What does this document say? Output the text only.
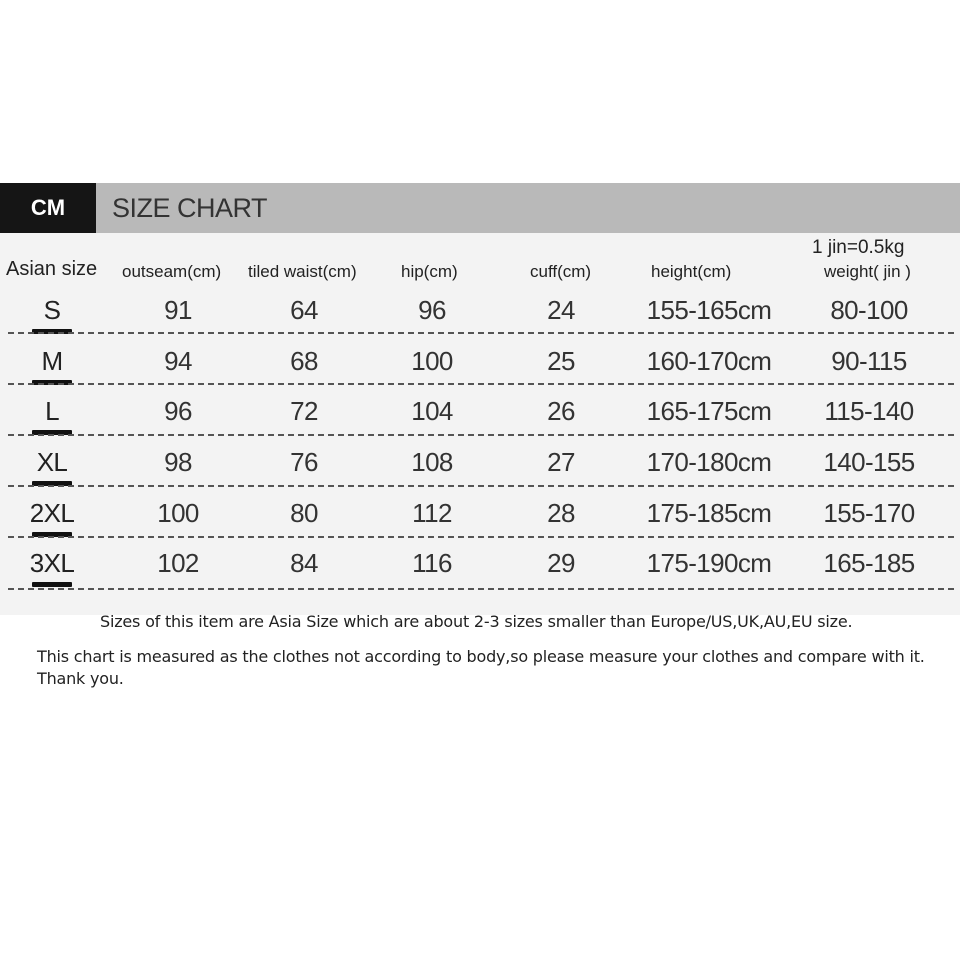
CM	SIZE CHART
Asian size outseam(cm) tiled waist(cm)	hip(cm)	cuff(cm)	height(cm)	weight( jin )
1 jin=0.5kg
S	91	64	96	24	155-165cm 80-100
M	94	68	100	25	160-170cm 90-115
L	96	72	104	26	165-175cm 115-140
XL	98	76	108	27	170-180cm 140-155
2XL	100	80	112	28	175-185cm 155-170
3XL	102	84	116	29	175-190cm 165-185
Sizes of this item are Asia Size which are about 2-3 sizes smaller than Europe/US,UK,AU,EU size.
This chart is measured as the clothes not according to body,so please measure your clothes and compare with it.
Thank you.
